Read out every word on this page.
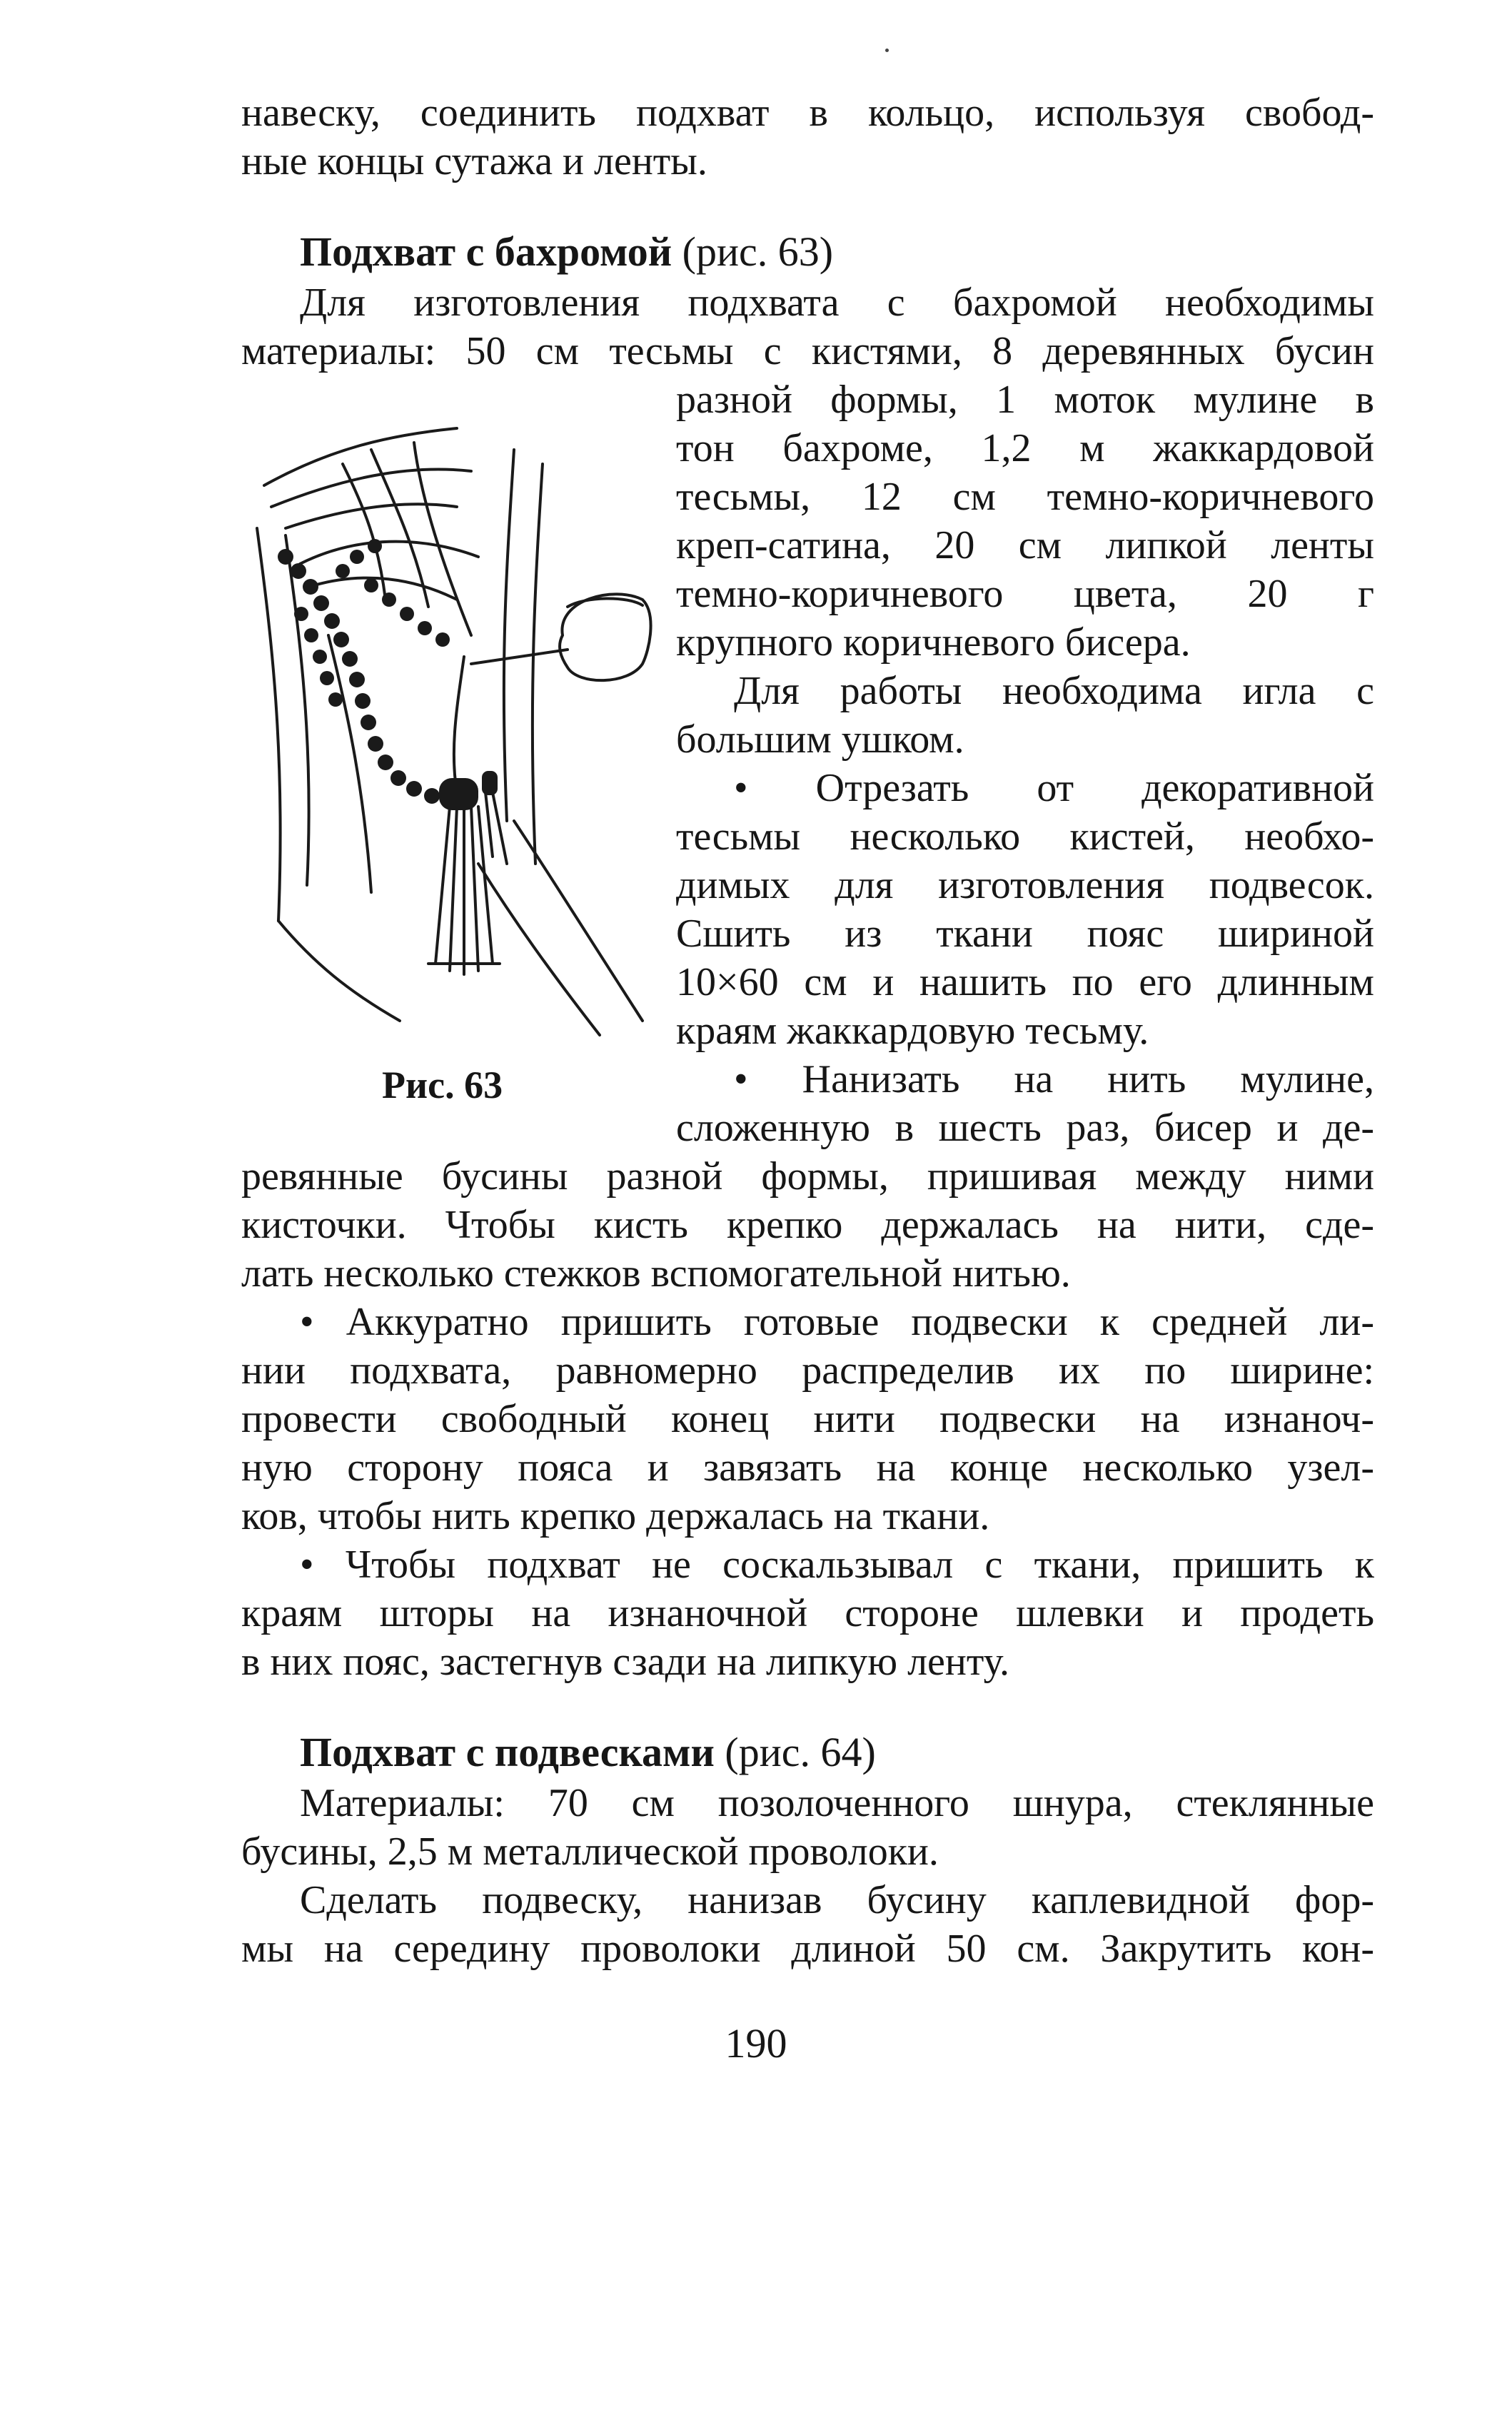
навеску, соединить подхват в кольцо, используя свобод-
ные концы сутажа и ленты.
Подхват с бахромой (рис. 63)
Для изготовления подхвата с бахромой необходимы
материалы: 50 см тесьмы с кистями, 8 деревянных бусин
разной формы, 1 моток мулине в
тон бахроме, 1,2 м жаккардовой
тесьмы, 12 см темно-коричневого
креп-сатина, 20 см липкой ленты
темно-коричневого цвета, 20 г
крупного коричневого бисера.
Для работы необходима игла с
большим ушком.
• Отрезать от декоративной
тесьмы несколько кистей, необхо-
димых для изготовления подвесок.
Сшить из ткани пояс шириной
10×60 см и нашить по его длинным
краям жаккардовую тесьму.
• Нанизать на нить мулине,
сложенную в шесть раз, бисер и де-
Рис. 63
ревянные бусины разной формы, пришивая между ними
кисточки. Чтобы кисть крепко держалась на нити, сде-
лать несколько стежков вспомогательной нитью.
• Аккуратно пришить готовые подвески к средней ли-
нии подхвата, равномерно распределив их по ширине:
провести свободный конец нити подвески на изнаноч-
ную сторону пояса и завязать на конце несколько узел-
ков, чтобы нить крепко держалась на ткани.
• Чтобы подхват не соскальзывал с ткани, пришить к
краям шторы на изнаночной стороне шлевки и продеть
в них пояс, застегнув сзади на липкую ленту.
Подхват с подвесками (рис. 64)
Материалы: 70 см позолоченного шнура, стеклянные
бусины, 2,5 м металлической проволоки.
Сделать подвеску, нанизав бусину каплевидной фор-
мы на середину проволоки длиной 50 см. Закрутить кон-
190
